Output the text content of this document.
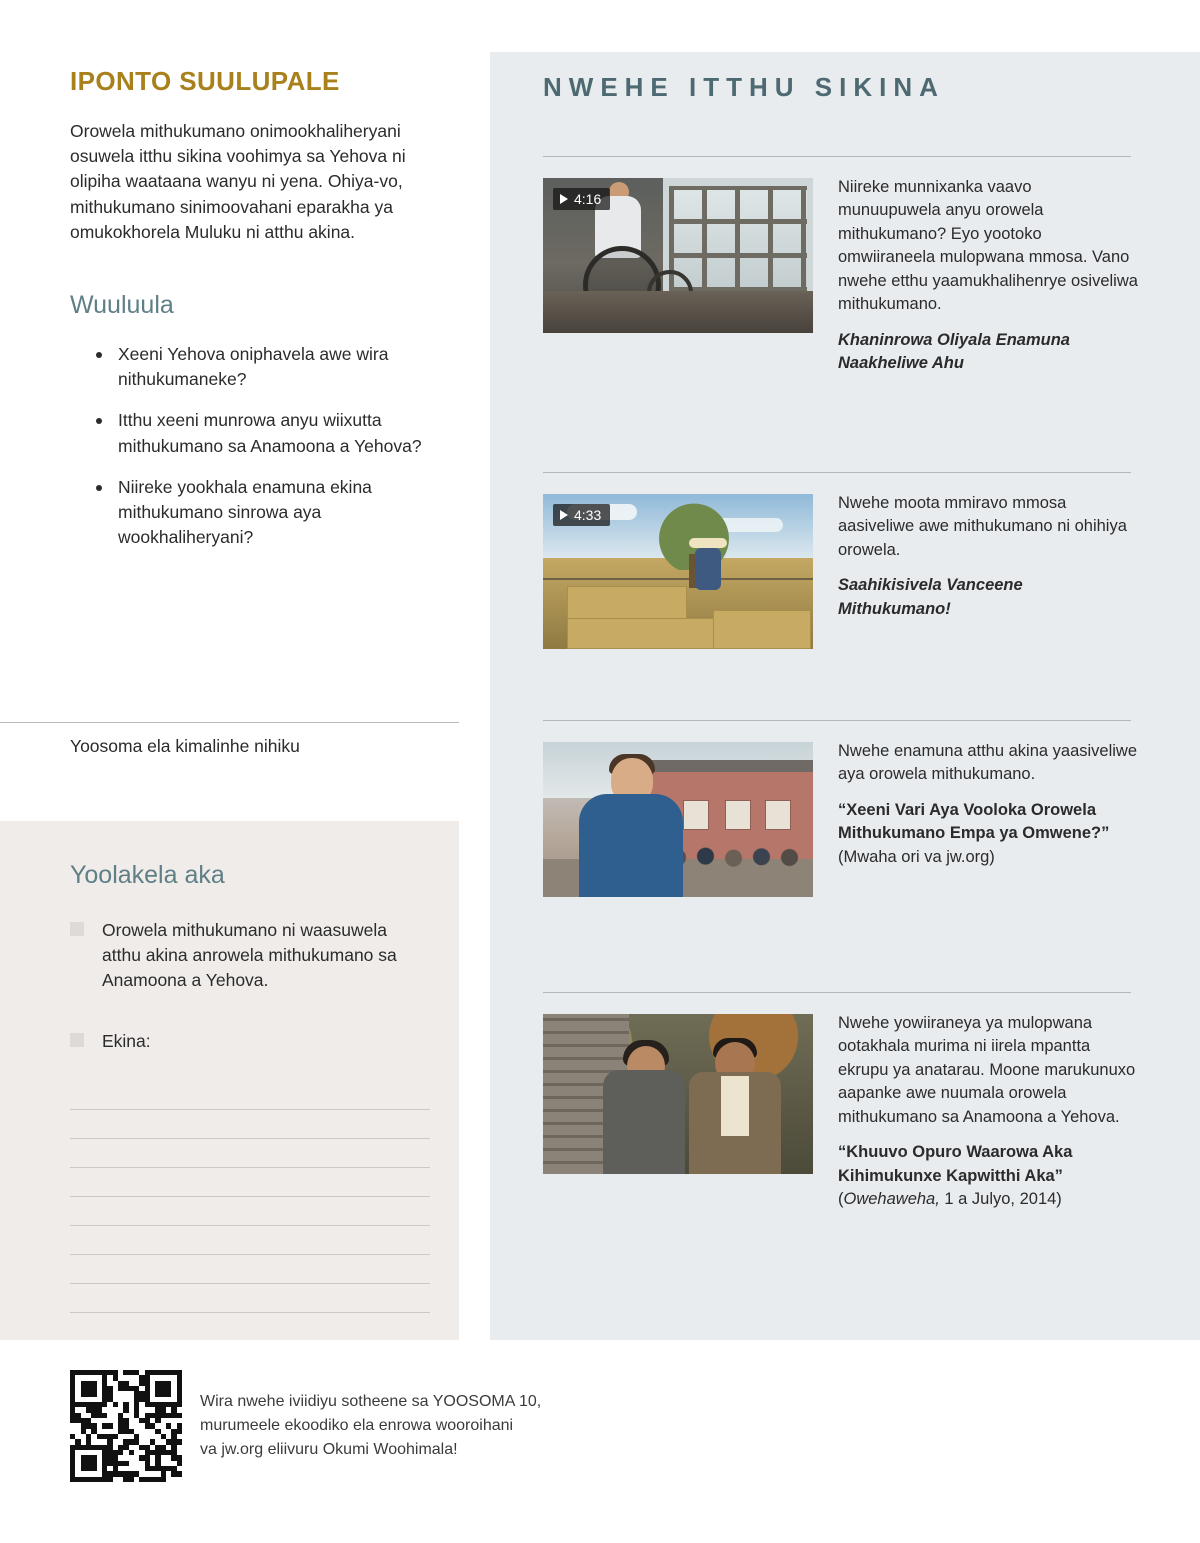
NWEHE ITTHU SIKINA
4:16

Niireke munnixanka vaavo munuupuwela anyu orowela mithukumano? Eyo yootoko omwiiraneela mulopwana mmosa. Vano nwehe etthu yaamukhalihenrye osiveliwa mithukumano.

Khaninrowa Oliyala Enamuna Naakheliwe Ahu

4:33

Nwehe moota mmiravo mmosa aasiveliwe awe mithukumano ni ohihiya orowela.

Saahikisivela Vanceene Mithukumano!

Nwehe enamuna atthu akina yaasiveliwe aya orowela mithukumano.

“Xeeni Vari Aya Vooloka Orowela Mithukumano Empa ya Omwene?” (Mwaha ori va jw.org)

Nwehe yowiiraneya ya mulopwana ootakhala murima ni iirela mpantta ekrupu ya anatarau. Moone marukunuxo aapanke awe nuumala orowela mithukumano sa Anamoona a Yehova.

“Khuuvo Opuro Waarowa Aka Kihimukunxe Kapwitthi Aka”
(Owehaweha, 1 a Julyo, 2014)

IPONTO SUULUPALE

Orowela mithukumano onimookhaliheryani osuwela itthu sikina voohimya sa Yehova ni olipiha waataana wanyu ni yena. Ohiya-vo, mithukumano sinimoovahani eparakha ya omukokhorela Muluku ni atthu akina.

Wuuluula
Xeeni Yehova oniphavela awe wira nithukumaneke?
Itthu xeeni munrowa anyu wiixutta mithukumano sa Anamoona a Yehova?
Niireke yookhala enamuna ekina mithukumano sinrowa aya wookhaliheryani?
Yoosoma ela kimalinhe nihiku
Yoolakela aka
Orowela mithukumano ni waasuwela atthu akina anrowela mithukumano sa Anamoona a Yehova.
Ekina:
Wira nwehe iviidiyu sotheene sa YOOSOMA 10,
murumeele ekoodiko ela enrowa wooroihani
va jw.org eliivuru Okumi Woohimala!
